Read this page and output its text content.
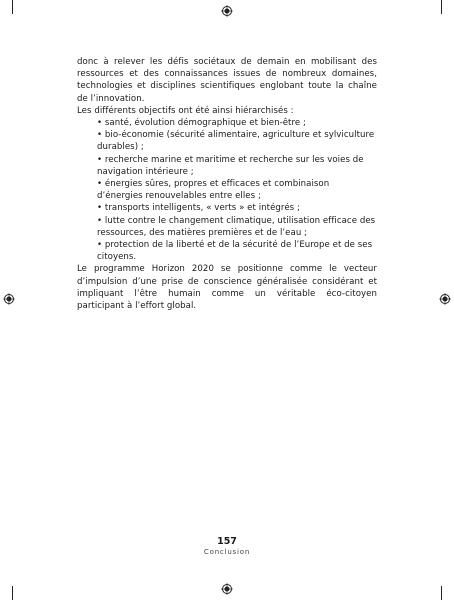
donc à relever les défis sociétaux de demain en mobilisant des ressources et des connaissances issues de nombreux domaines, technologies et disciplines scientifiques englobant toute la chaîne de l’innovation.

Les différents objectifs ont été ainsi hiérarchisés :

• santé, évolution démographique et bien-être ;

• bio-économie (sécurité alimentaire, agriculture et sylviculture durables) ;

• recherche marine et maritime et recherche sur les voies de navigation intérieure ;

• énergies sûres, propres et efficaces et combinaison d’énergies renouvelables entre elles ;

• transports intelligents, « verts » et intégrés ;

• lutte contre le changement climatique, utilisation efficace des ressources, des matières premières et de l’eau ;

• protection de la liberté et de la sécurité de l’Europe et de ses citoyens.

Le programme Horizon 2020 se positionne comme le vecteur d’impulsion d’une prise de conscience généralisée considérant et impliquant l’être humain comme un véritable éco-citoyen participant à l’effort global.

157
Conclusion
